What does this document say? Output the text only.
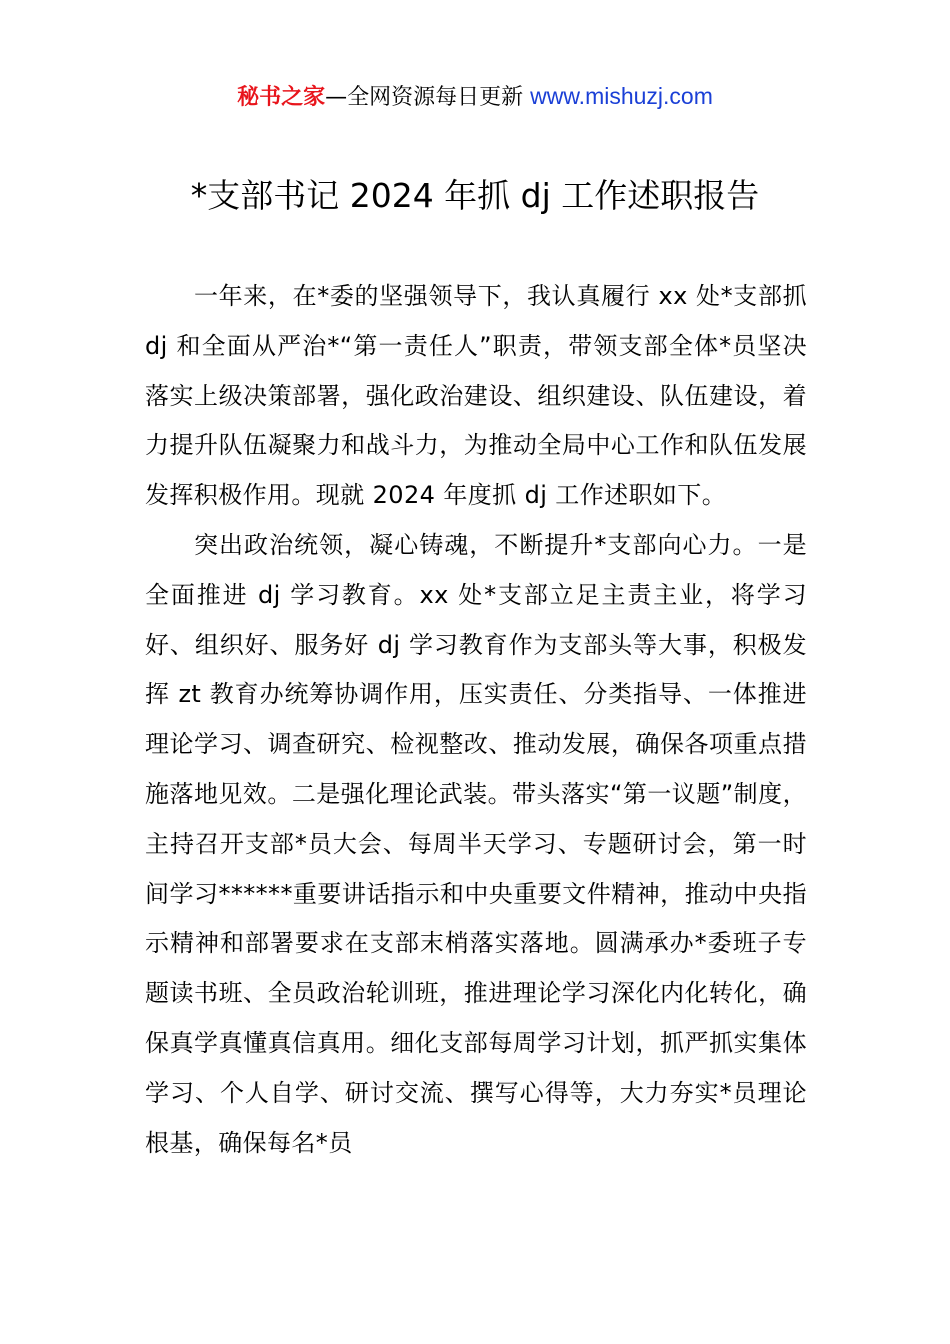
秘书之家—全网资源每日更新 www.mishuzj.com
*支部书记 2024 年抓 dj 工作述职报告

一年来，在*委的坚强领导下，我认真履行 xx 处*支部抓 dj 和全面从严治*“第一责任人”职责，带领支部全体*员坚决落实上级决策部署，强化政治建设、组织建设、队伍建设，着力提升队伍凝聚力和战斗力，为推动全局中心工作和队伍发展发挥积极作用。现就 2024 年度抓 dj 工作述职如下。

突出政治统领，凝心铸魂，不断提升*支部向心力。一是全面推进 dj 学习教育。xx 处*支部立足主责主业，将学习好、组织好、服务好 dj 学习教育作为支部头等大事，积极发挥 zt 教育办统筹协调作用，压实责任、分类指导、一体推进理论学习、调查研究、检视整改、推动发展，确保各项重点措施落地见效。二是强化理论武装。带头落实“第一议题”制度，主持召开支部*员大会、每周半天学习、专题研讨会，第一时间学习******重要讲话指示和中央重要文件精神，推动中央指示精神和部署要求在支部末梢落实落地。圆满承办*委班子专题读书班、全员政治轮训班，推进理论学习深化内化转化，确保真学真懂真信真用。细化支部每周学习计划，抓严抓实集体学习、个人自学、研讨交流、撰写心得等，大力夯实*员理论根基，确保每名*员
